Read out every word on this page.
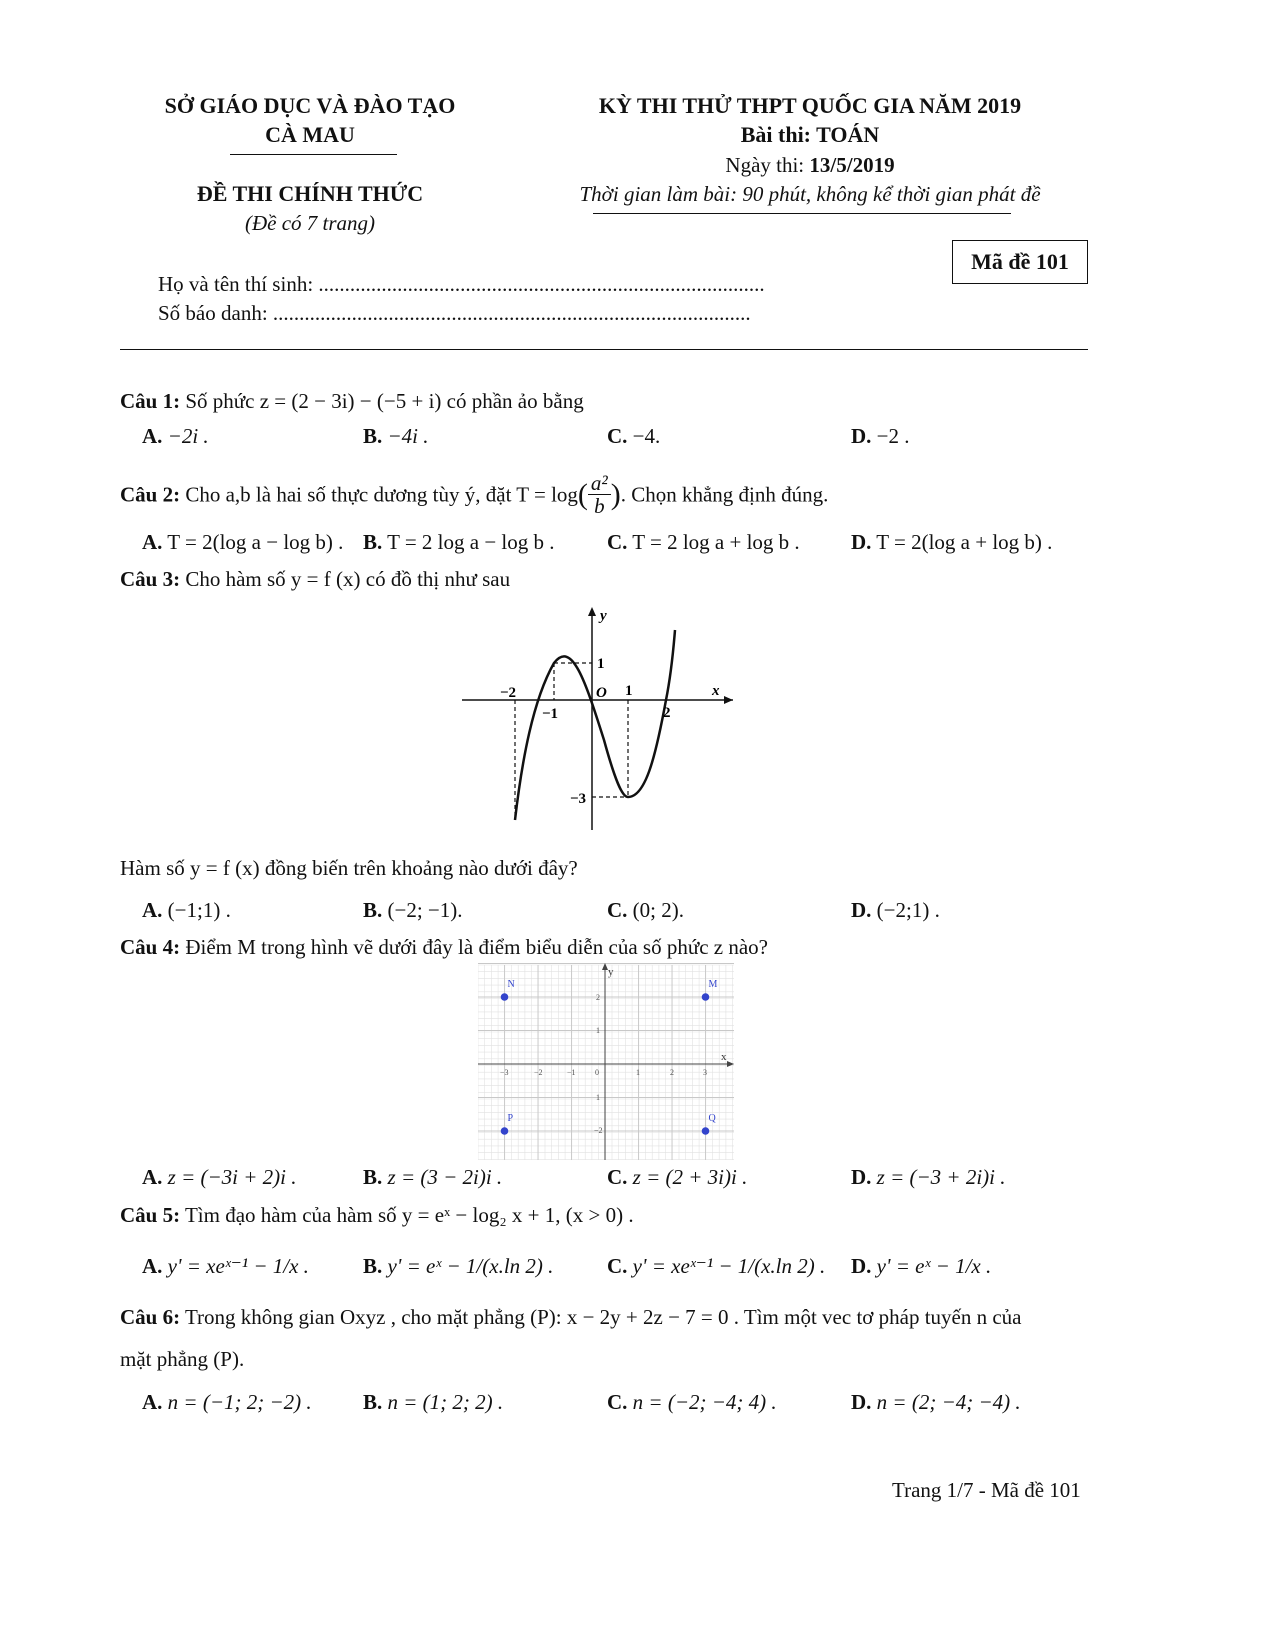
SỞ GIÁO DỤC VÀ ĐÀO TẠO
CÀ MAU
ĐỀ THI CHÍNH THỨC
(Đề có 7 trang)
KỲ THI THỬ THPT QUỐC GIA NĂM 2019
Bài thi: TOÁN
Ngày thi: 13/5/2019
Thời gian làm bài: 90 phút, không kể thời gian phát đề
Mã đề 101
Họ và tên thí sinh: .....................................................................................
Số báo danh: ...........................................................................................
Câu 1: Số phức z = (2 − 3i) − (−5 + i) có phần ảo bằng
A. −2i .	B. −4i .	C. −4.	D. −2 .
Câu 2: Cho a,b là hai số thực dương tùy ý, đặt $T = \log( \frac{\text{a²}}{b}$ ). Chọn khẳng định đúng.
A. T = 2(log a − log b) . B. T = 2 log a − log b . C. T = 2 log a + log b . D. T = 2(log a + log b) .
Câu 3: Cho hàm số y = f (x) có đồ thị như sau
y
x
O
−2
−1
1
2
1
−3
Hàm số y = f (x) đồng biến trên khoảng nào dưới đây?
A. (−1;1) .	B. (−2; −1).	C. (0; 2).	D. (−2;1) .
Câu 4: Điểm M trong hình vẽ dưới đây là điểm biểu diễn của số phức z nào?
y
x
−3	−2	−1 0	1	2	3
2
1
1
−2
N	M
P	Q
A. z = (−3i + 2)i .	B. z = (3 − 2i)i .	C. z = (2 + 3i)i .	D. z = (−3 + 2i)i .
Câu 5: Tìm đạo hàm của hàm số y = eˣ − log₂ x + 1, (x > 0) .
A. y' = xeˣ⁻¹ − 1/x .	B. y' = eˣ − 1/(x.ln 2) .	C. y' = xeˣ⁻¹ − 1/(x.ln 2) . D. y' = eˣ − 1/x .
Câu 6: Trong không gian Oxyz , cho mặt phẳng (P): x − 2y + 2z − 7 = 0 . Tìm một vec tơ pháp tuyến n của
mặt phẳng (P).
A. n = (−1; 2; −2) . B. n = (1; 2; 2) .	C. n = (−2; −4; 4) .	D. n = (2; −4; −4) .
Trang 1/7 - Mã đề 101
